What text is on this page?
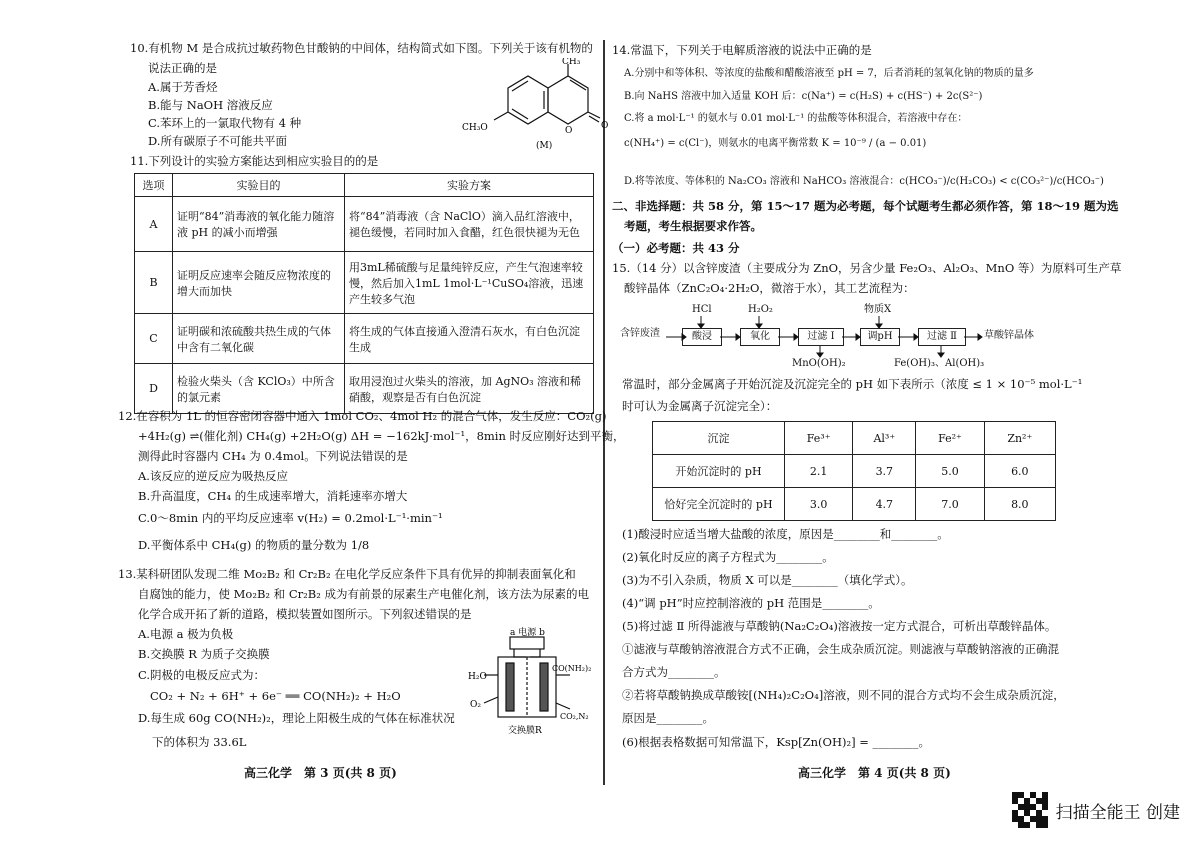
10.有机物 M 是合成抗过敏药物色甘酸钠的中间体，结构简式如下图。下列关于该有机物的
说法正确的是
A.属于芳香烃
B.能与 NaOH 溶液反应
C.苯环上的一氯取代物有 4 种
D.所有碳原子不可能共平面
CH₃
CH₃O	O	O
(M)
11.下列设计的实验方案能达到相应实验目的的是
选项	实验目的	实验方案
A	证明“84”消毒液的氧化能力随溶液 pH 的减小而增强	将“84”消毒液（含 NaClO）滴入品红溶液中，褪色缓慢，若同时加入食醋，红色很快褪为无色
B	证明反应速率会随反应物浓度的增大而加快	用3mL稀硫酸与足量纯锌反应，产生气泡速率较慢，然后加入1mL 1mol·L⁻¹CuSO₄溶液，迅速产生较多气泡
C	证明碳和浓硫酸共热生成的气体中含有二氧化碳	将生成的气体直接通入澄清石灰水，有白色沉淀生成
D	检验火柴头（含 KClO₃）中所含的氯元素	取用浸泡过火柴头的溶液，加 AgNO₃ 溶液和稀硝酸，观察是否有白色沉淀
12.在容积为 1L 的恒容密闭容器中通入 1mol CO₂、4mol H₂ 的混合气体，发生反应：CO₂(g)
+4H₂(g) ⇌(催化剂) CH₄(g) +2H₂O(g) ΔH = −162kJ·mol⁻¹，8min 时反应刚好达到平衡，
测得此时容器内 CH₄ 为 0.4mol。下列说法错误的是
A.该反应的逆反应为吸热反应
B.升高温度，CH₄ 的生成速率增大，消耗速率亦增大
C.0～8min 内的平均反应速率 v(H₂) = 0.2mol·L⁻¹·min⁻¹
D.平衡体系中 CH₄(g) 的物质的量分数为 1/8
13.某科研团队发现二维 Mo₂B₂ 和 Cr₂B₂ 在电化学反应条件下具有优异的抑制表面氧化和
自腐蚀的能力，使 Mo₂B₂ 和 Cr₂B₂ 成为有前景的尿素生产电催化剂，该方法为尿素的电
化学合成开拓了新的道路，模拟装置如图所示。下列叙述错误的是
A.电源 a 极为负极
B.交换膜 R 为质子交换膜
C.阴极的电极反应式为：
CO₂ + N₂ + 6H⁺ + 6e⁻ ══ CO(NH₂)₂ + H₂O
D.每生成 60g CO(NH₂)₂，理论上阳极生成的气体在标准状况
下的体积为 33.6L
a 电源 b
H₂O
O₂
CO(NH₂)₂
CO₂,N₂
交换膜R
高三化学　第 3 页(共 8 页)
14.常温下，下列关于电解质溶液的说法中正确的是
A.分别中和等体积、等浓度的盐酸和醋酸溶液至 pH = 7，后者消耗的氢氧化钠的物质的量多
B.向 NaHS 溶液中加入适量 KOH 后：c(Na⁺) = c(H₂S) + c(HS⁻) + 2c(S²⁻)
C.将 a mol·L⁻¹ 的氨水与 0.01 mol·L⁻¹ 的盐酸等体积混合，若溶液中存在：
c(NH₄⁺) = c(Cl⁻)，则氨水的电离平衡常数 K = 10⁻⁹ / (a − 0.01)
D.将等浓度、等体积的 Na₂CO₃ 溶液和 NaHCO₃ 溶液混合：c(HCO₃⁻)/c(H₂CO₃) < c(CO₃²⁻)/c(HCO₃⁻)
二、非选择题：共 58 分，第 15～17 题为必考题，每个试题考生都必须作答，第 18～19 题为选
考题，考生根据要求作答。
（一）必考题：共 43 分
15.（14 分）以含锌废渣（主要成分为 ZnO，另含少量 Fe₂O₃、Al₂O₃、MnO 等）为原料可生产草
酸锌晶体（ZnC₂O₄·2H₂O，微溶于水），其工艺流程为：
含锌废渣
HCl	H₂O₂	物质X
酸浸	氧化	过滤 Ⅰ	调pH	过滤 Ⅱ	草酸锌晶体
MnO(OH)₂	Fe(OH)₃、Al(OH)₃
常温时，部分金属离子开始沉淀及沉淀完全的 pH 如下表所示（浓度 ≤ 1 × 10⁻⁵ mol·L⁻¹
时可认为金属离子沉淀完全）：
沉淀	Fe³⁺	Al³⁺	Fe²⁺	Zn²⁺
开始沉淀时的 pH	2.1	3.7	5.0	6.0
恰好完全沉淀时的 pH	3.0	4.7	7.0	8.0
(1)酸浸时应适当增大盐酸的浓度，原因是________和________。
(2)氧化时反应的离子方程式为________。
(3)为不引入杂质，物质 X 可以是________（填化学式）。
(4)“调 pH”时应控制溶液的 pH 范围是________。
(5)将过滤 Ⅱ 所得滤液与草酸钠(Na₂C₂O₄)溶液按一定方式混合，可析出草酸锌晶体。
①滤液与草酸钠溶液混合方式不正确，会生成杂质沉淀。则滤液与草酸钠溶液的正确混
合方式为________。
②若将草酸钠换成草酸铵[(NH₄)₂C₂O₄]溶液，则不同的混合方式均不会生成杂质沉淀，
原因是________。
(6)根据表格数据可知常温下，Ksp[Zn(OH)₂] = ________。
高三化学　第 4 页(共 8 页)
扫描全能王 创建
